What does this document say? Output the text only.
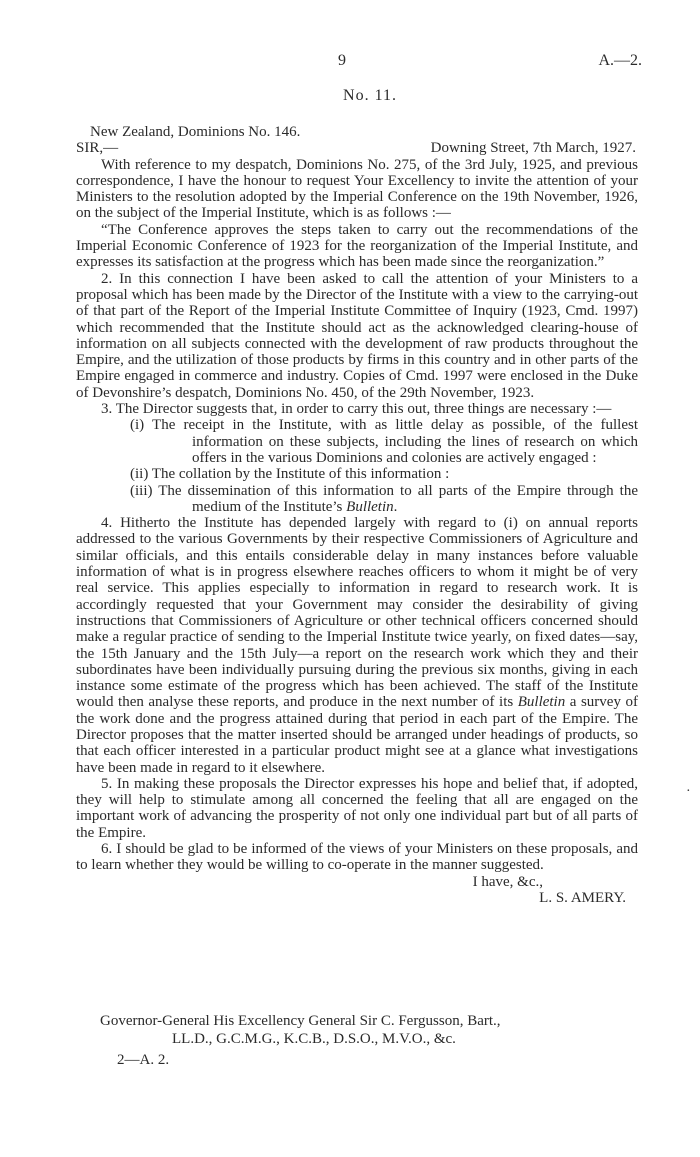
9	A.—2.
No. 11.

New Zealand, Dominions No. 146.

SIR,—	Downing Street, 7th March, 1927.

With reference to my despatch, Dominions No. 275, of the 3rd July, 1925, and previous correspondence, I have the honour to request Your Excellency to invite the attention of your Ministers to the resolution adopted by the Imperial Conference on the 19th November, 1926, on the subject of the Imperial Institute, which is as follows :—

“The Conference approves the steps taken to carry out the recommendations of the Imperial Economic Conference of 1923 for the reorganization of the Imperial Institute, and expresses its satisfaction at the progress which has been made since the reorganization.”

2. In this connection I have been asked to call the attention of your Ministers to a proposal which has been made by the Director of the Institute with a view to the carrying-out of that part of the Report of the Imperial Institute Committee of Inquiry (1923, Cmd. 1997) which recommended that the Institute should act as the acknowledged clearing-house of information on all subjects connected with the development of raw products throughout the Empire, and the utilization of those products by firms in this country and in other parts of the Empire engaged in commerce and industry. Copies of Cmd. 1997 were enclosed in the Duke of Devonshire’s despatch, Dominions No. 450, of the 29th November, 1923.

3. The Director suggests that, in order to carry this out, three things are necessary :—

(i) The receipt in the Institute, with as little delay as possible, of the fullest information on these subjects, including the lines of research on which offers in the various Dominions and colonies are actively engaged :

(ii) The collation by the Institute of this information :

(iii) The dissemination of this information to all parts of the Empire through the medium of the Institute’s Bulletin.

4. Hitherto the Institute has depended largely with regard to (i) on annual reports addressed to the various Governments by their respective Commissioners of Agriculture and similar officials, and this entails considerable delay in many instances before valuable information of what is in progress elsewhere reaches officers to whom it might be of very real service. This applies especially to information in regard to research work. It is accordingly requested that your Government may consider the desirability of giving instructions that Commissioners of Agriculture or other technical officers concerned should make a regular practice of sending to the Imperial Institute twice yearly, on fixed dates—say, the 15th January and the 15th July—a report on the research work which they and their subordinates have been individually pursuing during the previous six months, giving in each instance some estimate of the progress which has been achieved. The staff of the Institute would then analyse these reports, and produce in the next number of its Bulletin a survey of the work done and the progress attained during that period in each part of the Empire. The Director proposes that the matter inserted should be arranged under headings of products, so that each officer interested in a particular product might see at a glance what investigations have been made in regard to it elsewhere.

5. In making these proposals the Director expresses his hope and belief that, if adopted, they will help to stimulate among all concerned the feeling that all are engaged on the important work of advancing the prosperity of not only one individual part but of all parts of the Empire.

6. I should be glad to be informed of the views of your Ministers on these proposals, and to learn whether they would be willing to co-operate in the manner suggested.

I have, &c.,

L. S. AMERY.

Governor-General His Excellency General Sir C. Fergusson, Bart.,

LL.D., G.C.M.G., K.C.B., D.S.O., M.V.O., &c.

2—A. 2.
·
